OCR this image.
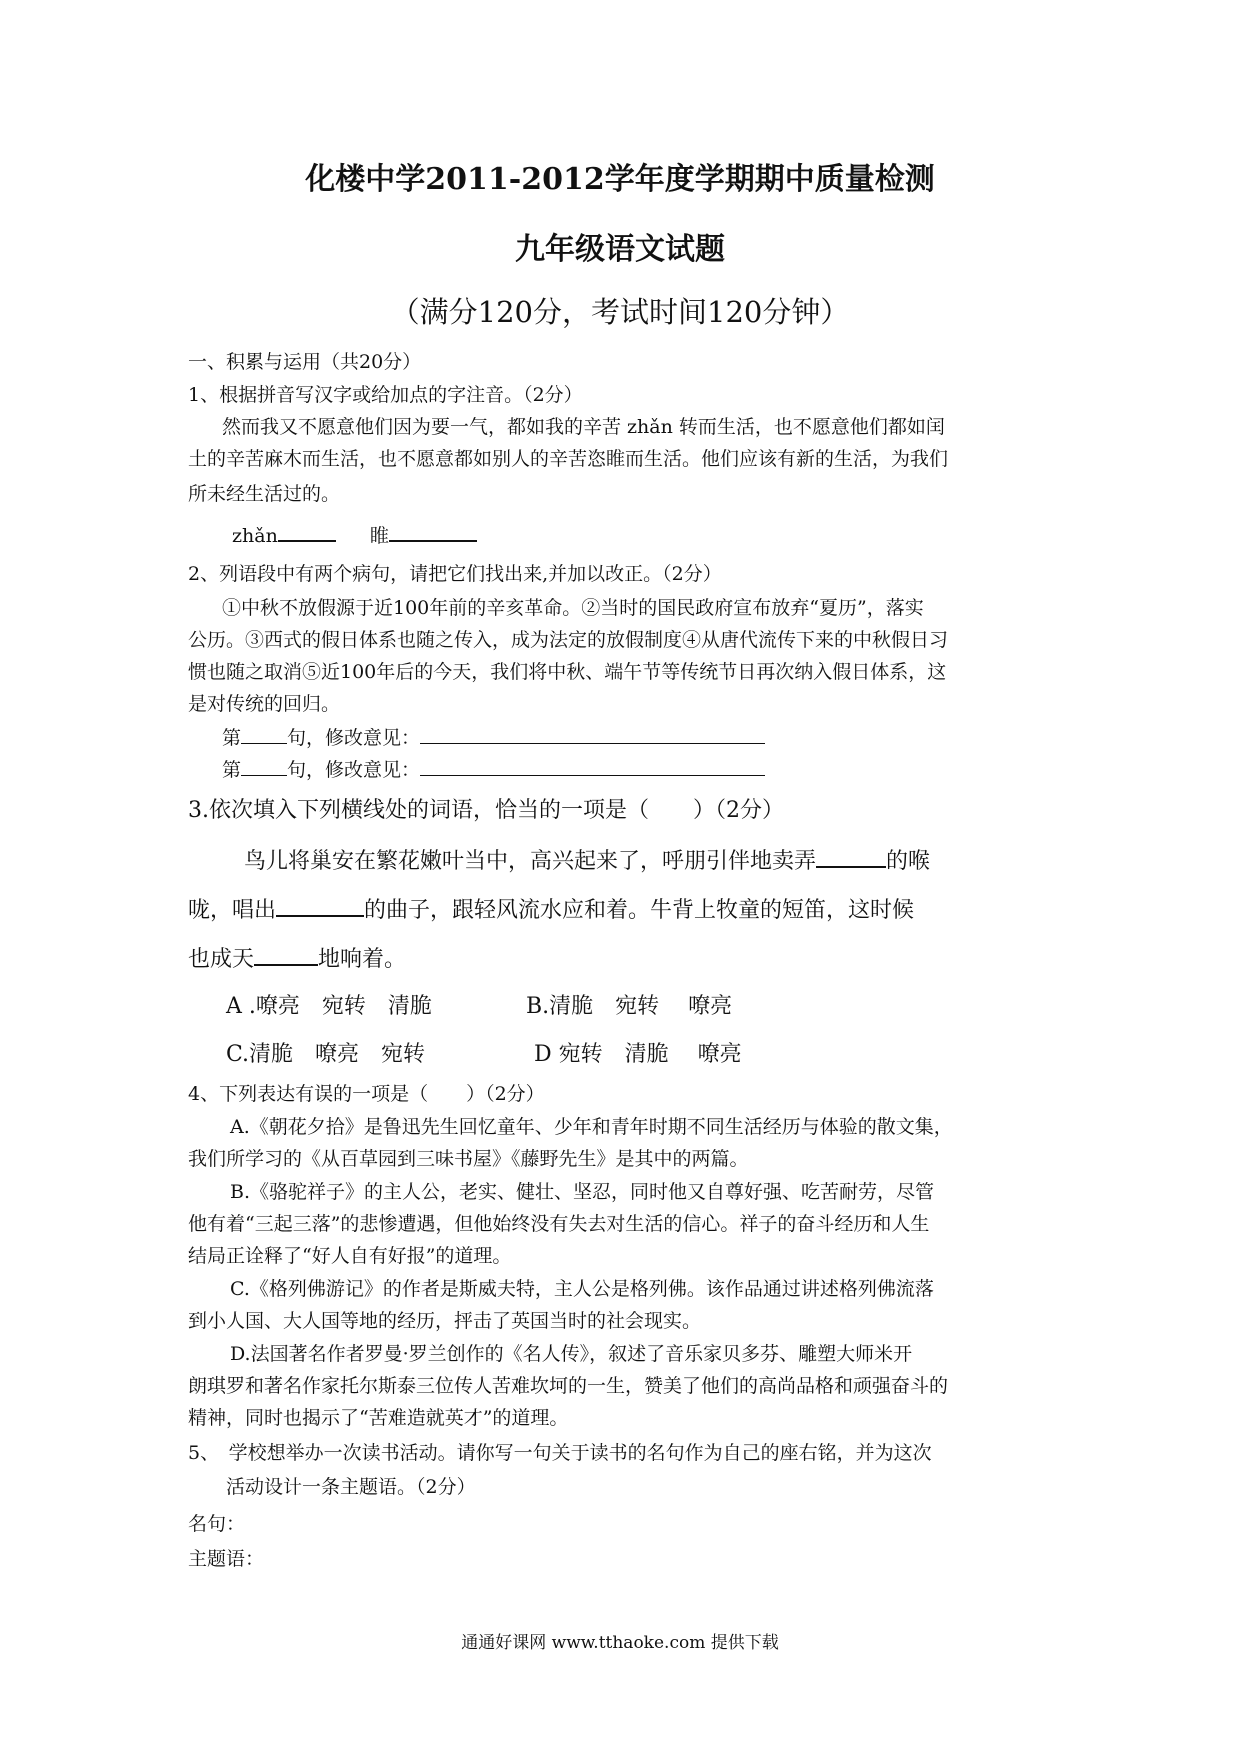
化楼中学2011-2012学年度学期期中质量检测
九年级语文试题
（满分120分，考试时间120分钟）
一、积累与运用（共20分）
1、根据拼音写汉字或给加点的字注音。（2分）
然而我又不愿意他们因为要一气，都如我的辛苦 zhǎn 转而生活，也不愿意他们都如闰
土的辛苦麻木而生活，也不愿意都如别人的辛苦恣睢而生活。他们应该有新的生活，为我们
所未经生活过的。
zhǎn	睢
2、列语段中有两个病句，请把它们找出来,并加以改正。（2分）
①中秋不放假源于近100年前的辛亥革命。②当时的国民政府宣布放弃“夏历”，落实
公历。③西式的假日体系也随之传入，成为法定的放假制度④从唐代流传下来的中秋假日习
惯也随之取消⑤近100年后的今天，我们将中秋、端午节等传统节日再次纳入假日体系，这
是对传统的回归。
第 句，修改意见：
第 句，修改意见：
3.依次填入下列横线处的词语，恰当的一项是（　　）（2分）
鸟儿将巢安在繁花嫩叶当中，高兴起来了，呼朋引伴地卖弄	的喉
咙，唱出	的曲子，跟轻风流水应和着。牛背上牧童的短笛，这时候
也成天	地响着。
A .嘹亮　宛转　清脆	B.清脆　宛转　 嘹亮
C.清脆　嘹亮　宛转	D 宛转　清脆　 嘹亮
4、下列表达有误的一项是（　　）（2分）
A.《朝花夕拾》是鲁迅先生回忆童年、少年和青年时期不同生活经历与体验的散文集，
我们所学习的《从百草园到三味书屋》《藤野先生》是其中的两篇。
B.《骆驼祥子》的主人公，老实、健壮、坚忍，同时他又自尊好强、吃苦耐劳，尽管
他有着“三起三落”的悲惨遭遇，但他始终没有失去对生活的信心。祥子的奋斗经历和人生
结局正诠释了“好人自有好报”的道理。
C.《格列佛游记》的作者是斯威夫特，主人公是格列佛。该作品通过讲述格列佛流落
到小人国、大人国等地的经历，抨击了英国当时的社会现实。
D.法国著名作者罗曼·罗兰创作的《名人传》，叙述了音乐家贝多芬、雕塑大师米开
朗琪罗和著名作家托尔斯泰三位传人苦难坎坷的一生，赞美了他们的高尚品格和顽强奋斗的
精神，同时也揭示了“苦难造就英才”的道理。
5、　学校想举办一次读书活动。请你写一句关于读书的名句作为自己的座右铭，并为这次
活动设计一条主题语。（2分）
名句：
主题语：
通通好课网 www.tthaoke.com 提供下载
